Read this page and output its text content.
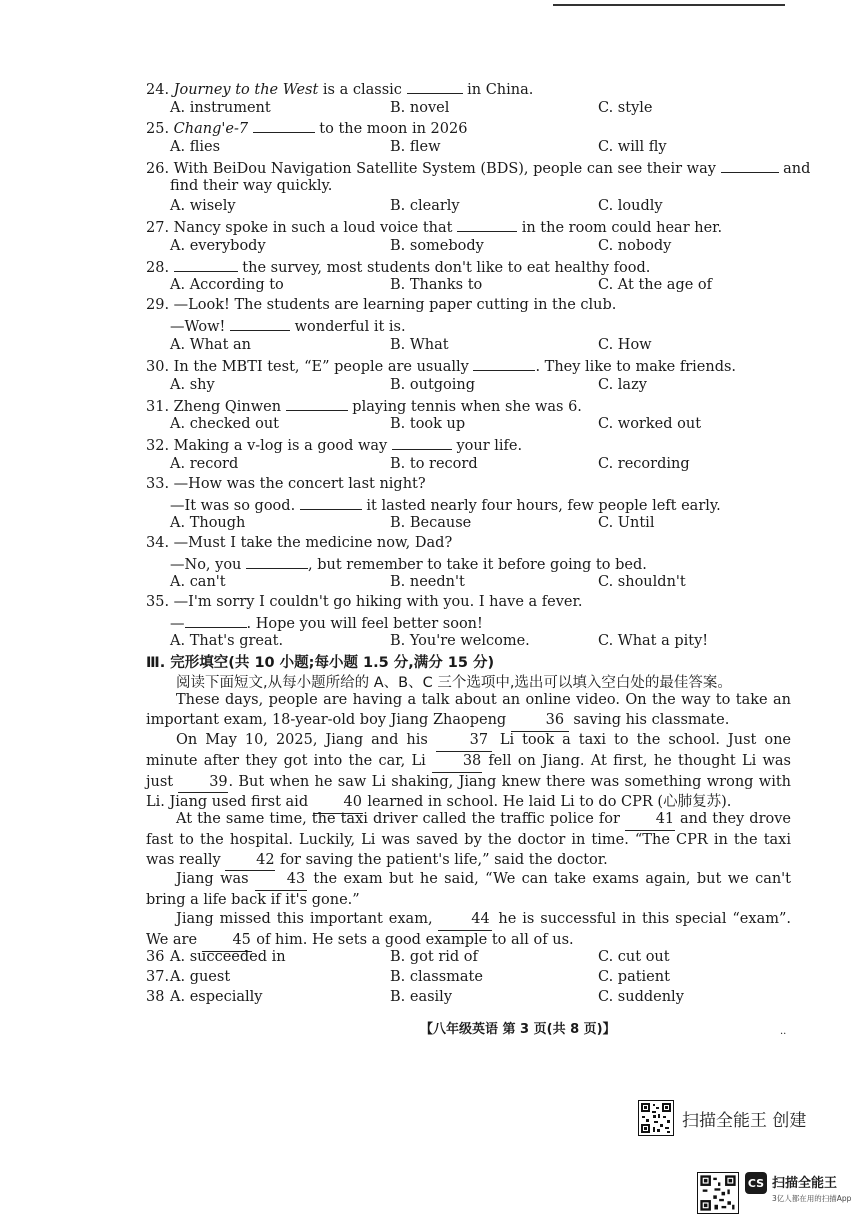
24. Journey to the West is a classic	in China.
A. instrument	B. novel	C. style
25. Chang'e-7	to the moon in 2026
A. flies	B. flew	C. will fly
26. With BeiDou Navigation Satellite System (BDS), people can see their way	and
find their way quickly.
A. wisely	B. clearly	C. loudly
27. Nancy spoke in such a loud voice that	in the room could hear her.
A. everybody	B. somebody	C. nobody
28.	the survey, most students don't like to eat healthy food.
A. According to	B. Thanks to	C. At the age of
29. —Look! The students are learning paper cutting in the club.
—Wow!	wonderful it is.
A. What an	B. What	C. How
30. In the MBTI test, “E” people are usually	. They like to make friends.
A. shy	B. outgoing	C. lazy
31. Zheng Qinwen	playing tennis when she was 6.
A. checked out	B. took up	C. worked out
32. Making a v-log is a good way	your life.
A. record	B. to record	C. recording
33. —How was the concert last night?
—It was so good.	it lasted nearly four hours, few people left early.
A. Though	B. Because	C. Until
34. —Must I take the medicine now, Dad?
—No, you	, but remember to take it before going to bed.
A. can't	B. needn't	C. shouldn't
35. —I'm sorry I couldn't go hiking with you. I have a fever.
—	. Hope you will feel better soon!
A. That's great.	B. You're welcome.	C. What a pity!
Ⅲ. 完形填空(共 10 小题;每小题 1.5 分,满分 15 分)
阅读下面短文,从每小题所给的 A、B、C 三个选项中,选出可以填入空白处的最佳答案。
These days, people are having a talk about an online video. On the way to take an important exam, 18-year-old boy Jiang Zhaopeng 36 saving his classmate.
On May 10, 2025, Jiang and his 37 Li took a taxi to the school. Just one minute after they got into the car, Li 38 fell on Jiang. At first, he thought Li was just 39. But when he saw Li shaking, Jiang knew there was something wrong with Li. Jiang used first aid 40 learned in school. He laid Li to do CPR (心肺复苏).
At the same time, the taxi driver called the traffic police for 41 and they drove fast to the hospital. Luckily, Li was saved by the doctor in time. “The CPR in the taxi was really 42 for saving the patient's life,” said the doctor.
Jiang was 43 the exam but he said, “We can take exams again, but we can't bring a life back if it's gone.”
Jiang missed this important exam, 44 he is successful in this special “exam”. We are 45 of him. He sets a good example to all of us.
36 A. succeeded in	B. got rid of	C. cut out
37. A. guest	B. classmate	C. patient
38 A. especially	B. easily	C. suddenly
【八年级英语 第 3 页(共 8 页)】	..
扫描全能王 创建
CS 扫描全能王
3亿人都在用的扫描App
